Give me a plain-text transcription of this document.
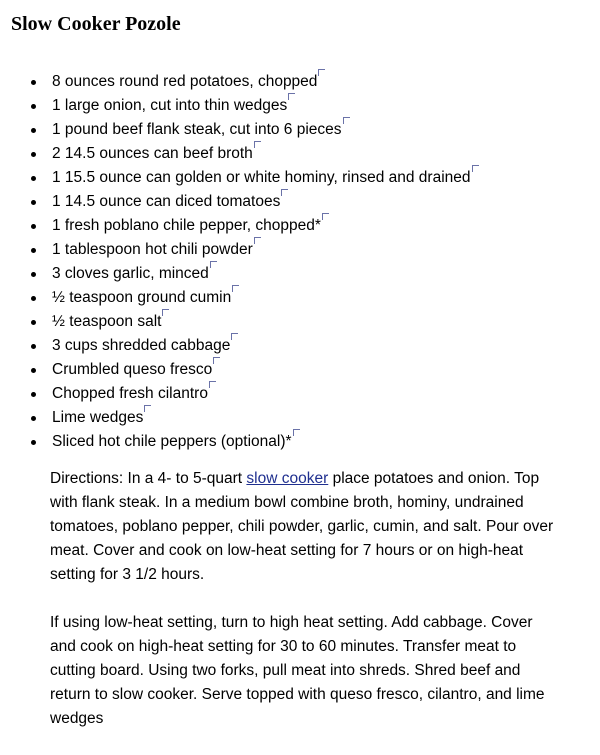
Slow Cooker Pozole
8 ounces round red potatoes, chopped
1 large onion, cut into thin wedges
1 pound beef flank steak, cut into 6 pieces
2 14.5 ounces can beef broth
1 15.5 ounce can golden or white hominy, rinsed and drained
1 14.5 ounce can diced tomatoes
1 fresh poblano chile pepper, chopped*
1 tablespoon hot chili powder
3 cloves garlic, minced
½ teaspoon ground cumin
½ teaspoon salt
3 cups shredded cabbage
Crumbled queso fresco
Chopped fresh cilantro
Lime wedges
Sliced hot chile peppers (optional)*

Directions: In a 4- to 5-quart slow cooker place potatoes and onion. Top with flank steak. In a medium bowl combine broth, hominy, undrained tomatoes, poblano pepper, chili powder, garlic, cumin, and salt. Pour over meat. Cover and cook on low-heat setting for 7 hours or on high-heat setting for 3 1/2 hours.

If using low-heat setting, turn to high heat setting. Add cabbage. Cover and cook on high-heat setting for 30 to 60 minutes. Transfer meat to cutting board. Using two forks, pull meat into shreds. Shred beef and return to slow cooker. Serve topped with queso fresco, cilantro, and lime wedges
